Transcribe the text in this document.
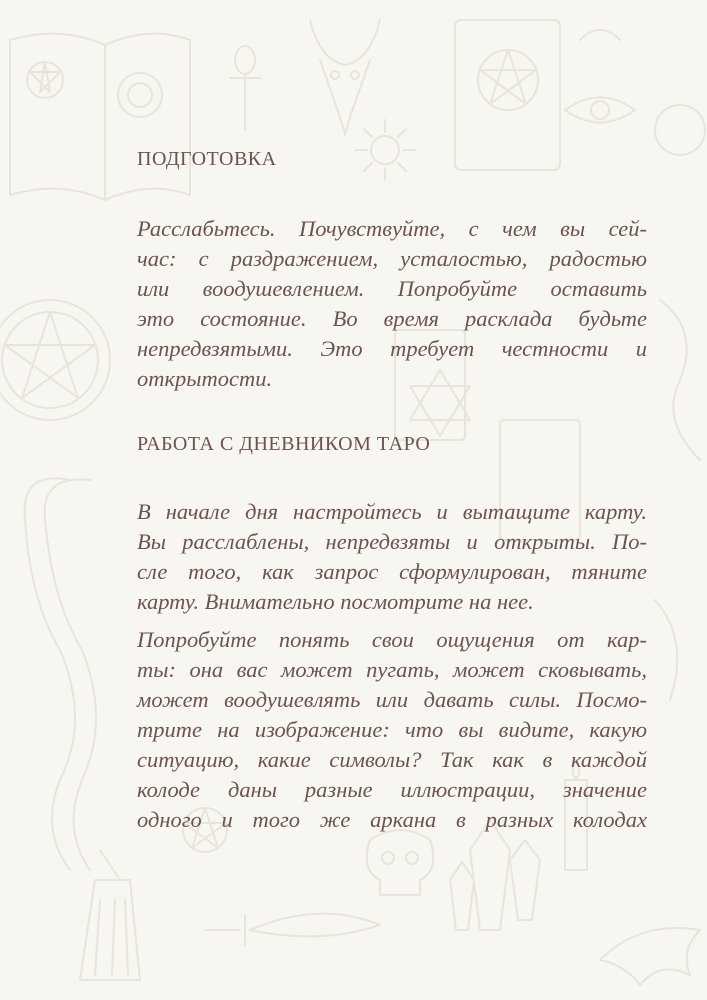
ПОДГОТОВКА
Расслабьтесь. Почувствуйте, с чем вы сей-
час: с раздражением, усталостью, радостью
или воодушевлением. Попробуйте оставить
это состояние. Во время расклада будьте
непредвзятыми. Это требует честности и
открытости.
РАБОТА С ДНЕВНИКОМ ТАРО
В начале дня настройтесь и вытащите карту.
Вы расслаблены, непредвзяты и открыты. По-
сле того, как запрос сформулирован, тяните
карту. Внимательно посмотрите на нее.
Попробуйте понять свои ощущения от кар-
ты: она вас может пугать, может сковывать,
может воодушевлять или давать силы. Посмо-
трите на изображение: что вы видите, какую
ситуацию, какие символы? Так как в каждой
колоде даны разные иллюстрации, значение
одного и того же аркана в разных колодах
